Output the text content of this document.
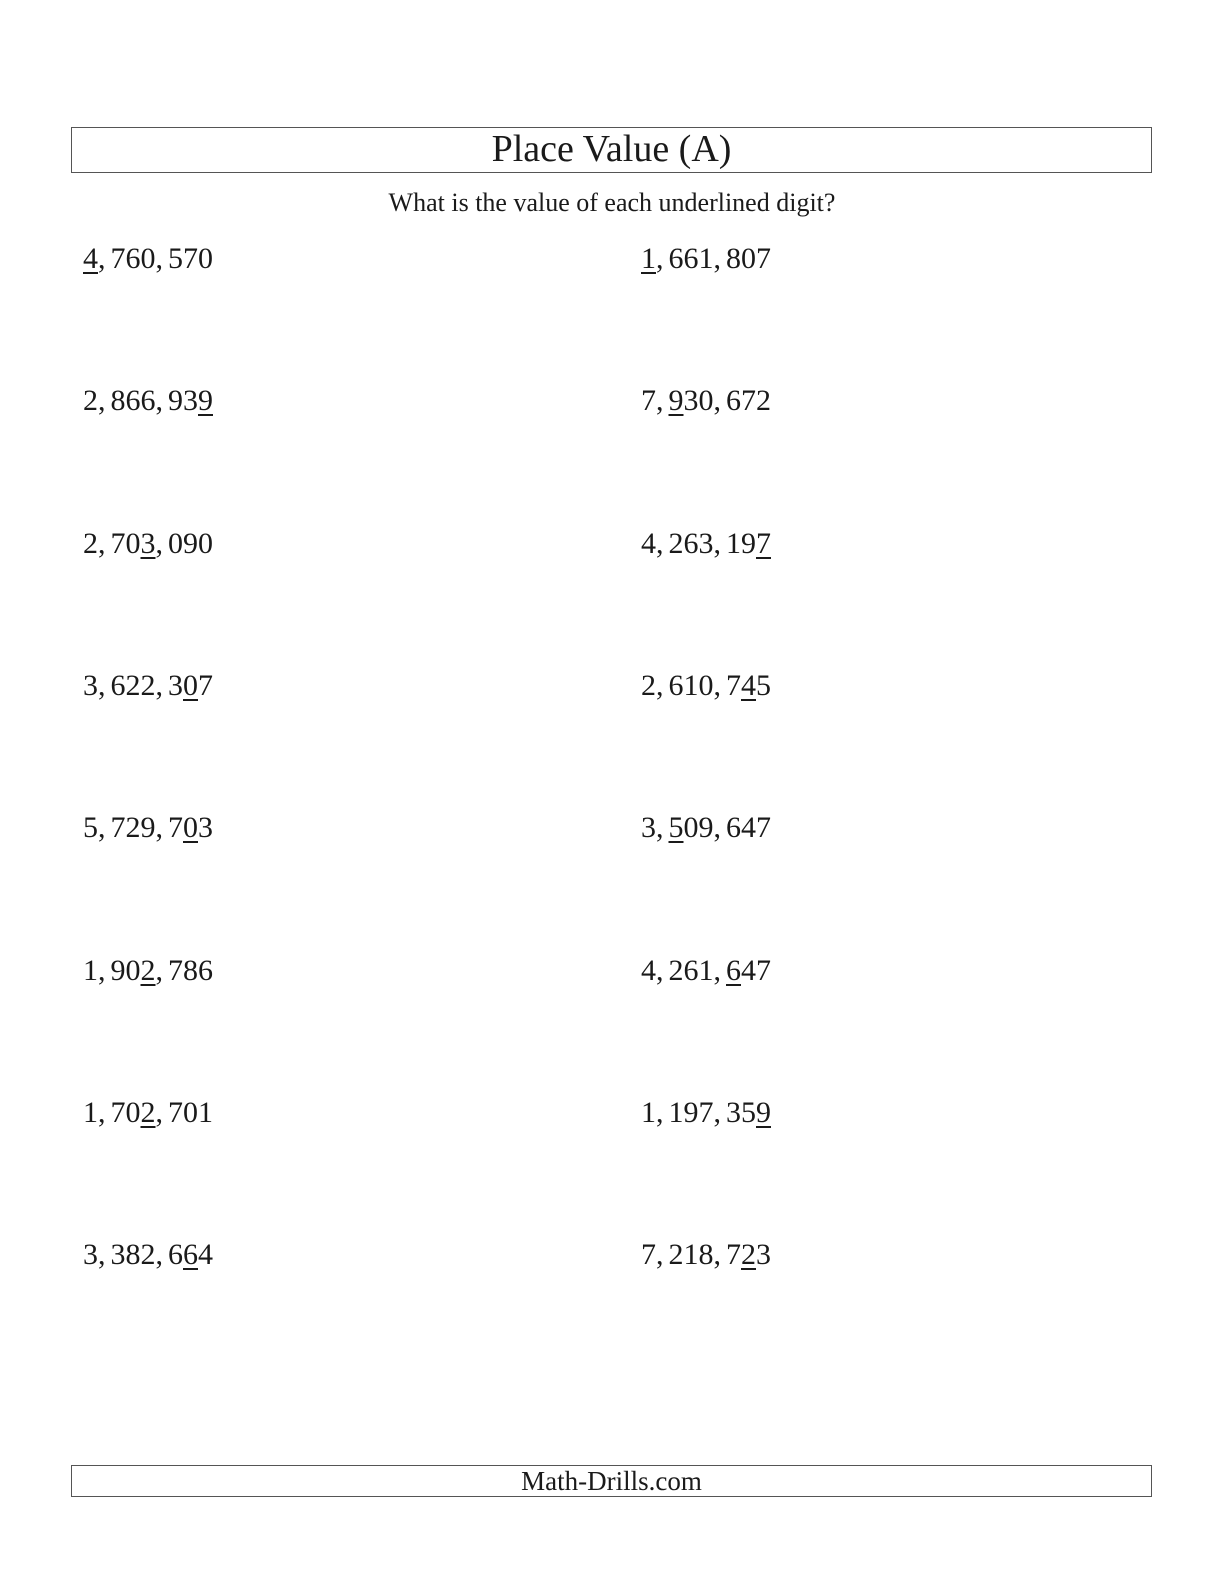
Place Value (A)
What is the value of each underlined digit?
4, 760, 570	1, 661, 807
2, 866, 939	7, 930, 672
2, 703, 090	4, 263, 197
3, 622, 307	2, 610, 745
5, 729, 703	3, 509, 647
1, 902, 786	4, 261, 647
1, 702, 701	1, 197, 359
3, 382, 664	7, 218, 723
Math-Drills.com
